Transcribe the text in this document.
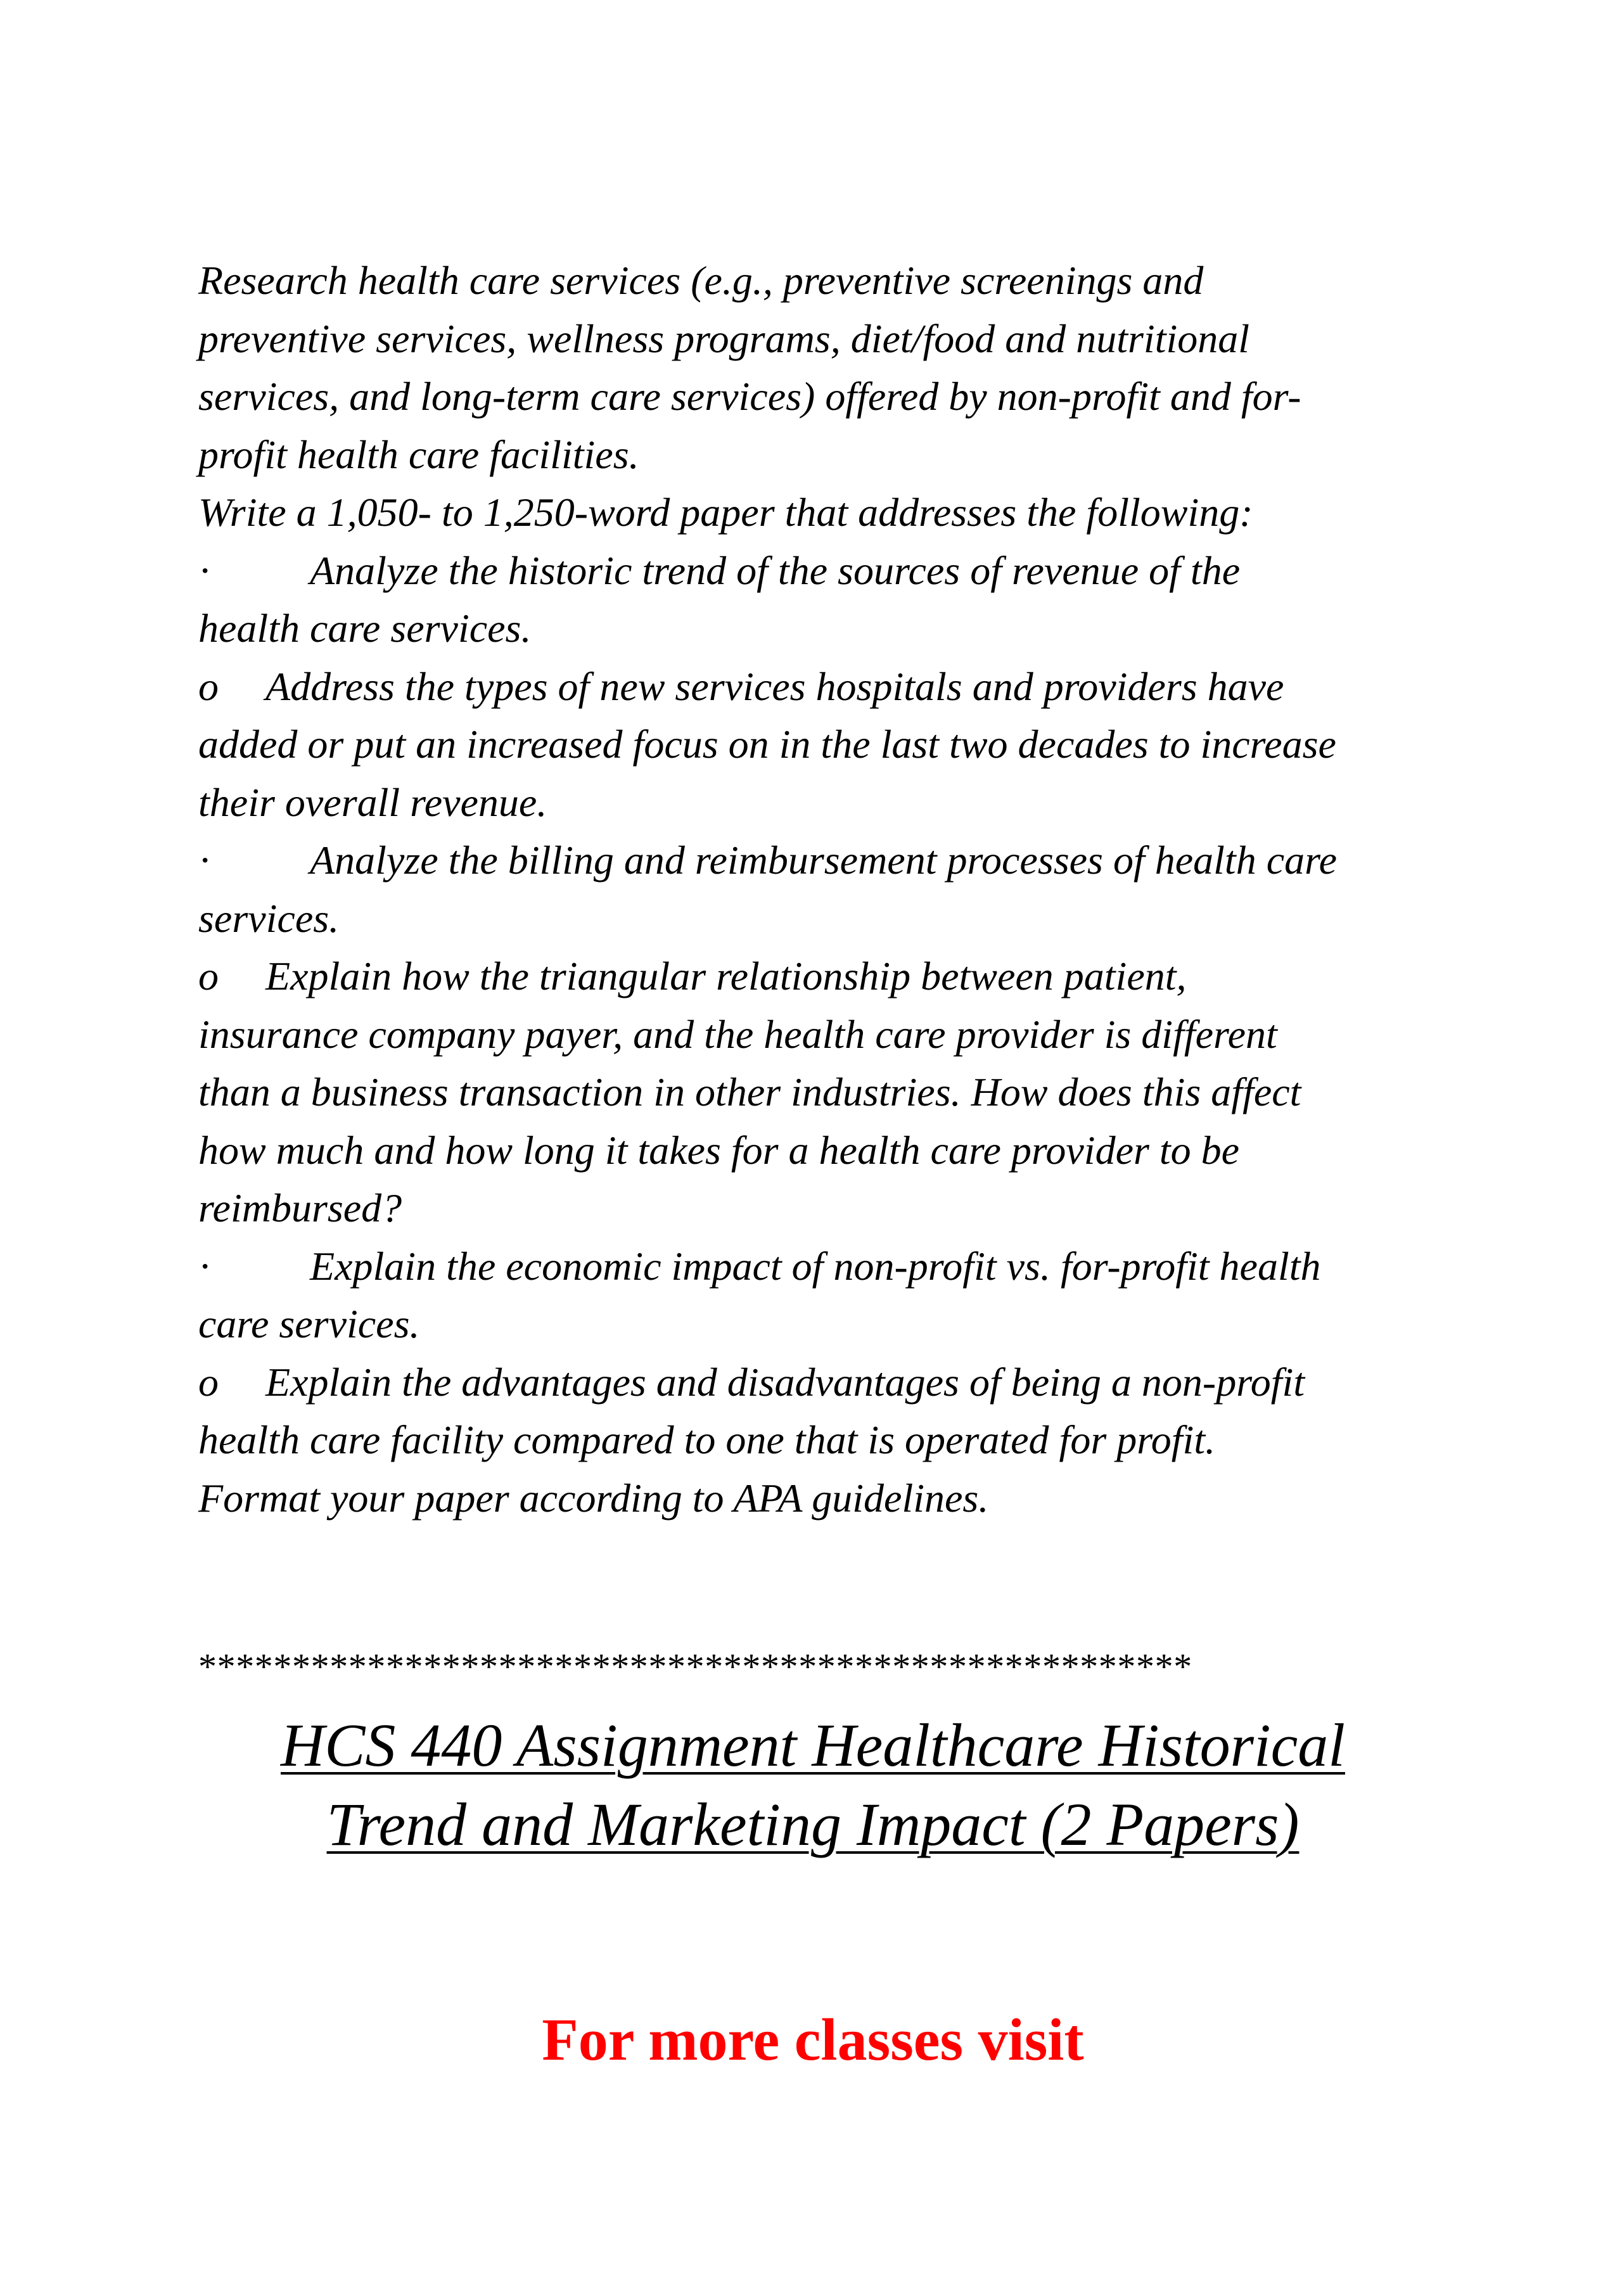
Research health care services (e.g., preventive screenings and
preventive services, wellness programs, diet/food and nutritional
services, and long-term care services) offered by non-profit and for-
profit health care facilities.
Write a 1,050- to 1,250-word paper that addresses the following:
· Analyze the historic trend of the sources of revenue of the
health care services.
o Address the types of new services hospitals and providers have
added or put an increased focus on in the last two decades to increase
their overall revenue.
· Analyze the billing and reimbursement processes of health care
services.
o Explain how the triangular relationship between patient,
insurance company payer, and the health care provider is different
than a business transaction in other industries. How does this affect
how much and how long it takes for a health care provider to be
reimbursed?
· Explain the economic impact of non-profit vs. for-profit health
care services.
o Explain the advantages and disadvantages of being a non-profit
health care facility compared to one that is operated for profit.
Format your paper according to APA guidelines.
*****************************************************
HCS 440 Assignment Healthcare Historical
Trend and Marketing Impact (2 Papers)
For more classes visit
